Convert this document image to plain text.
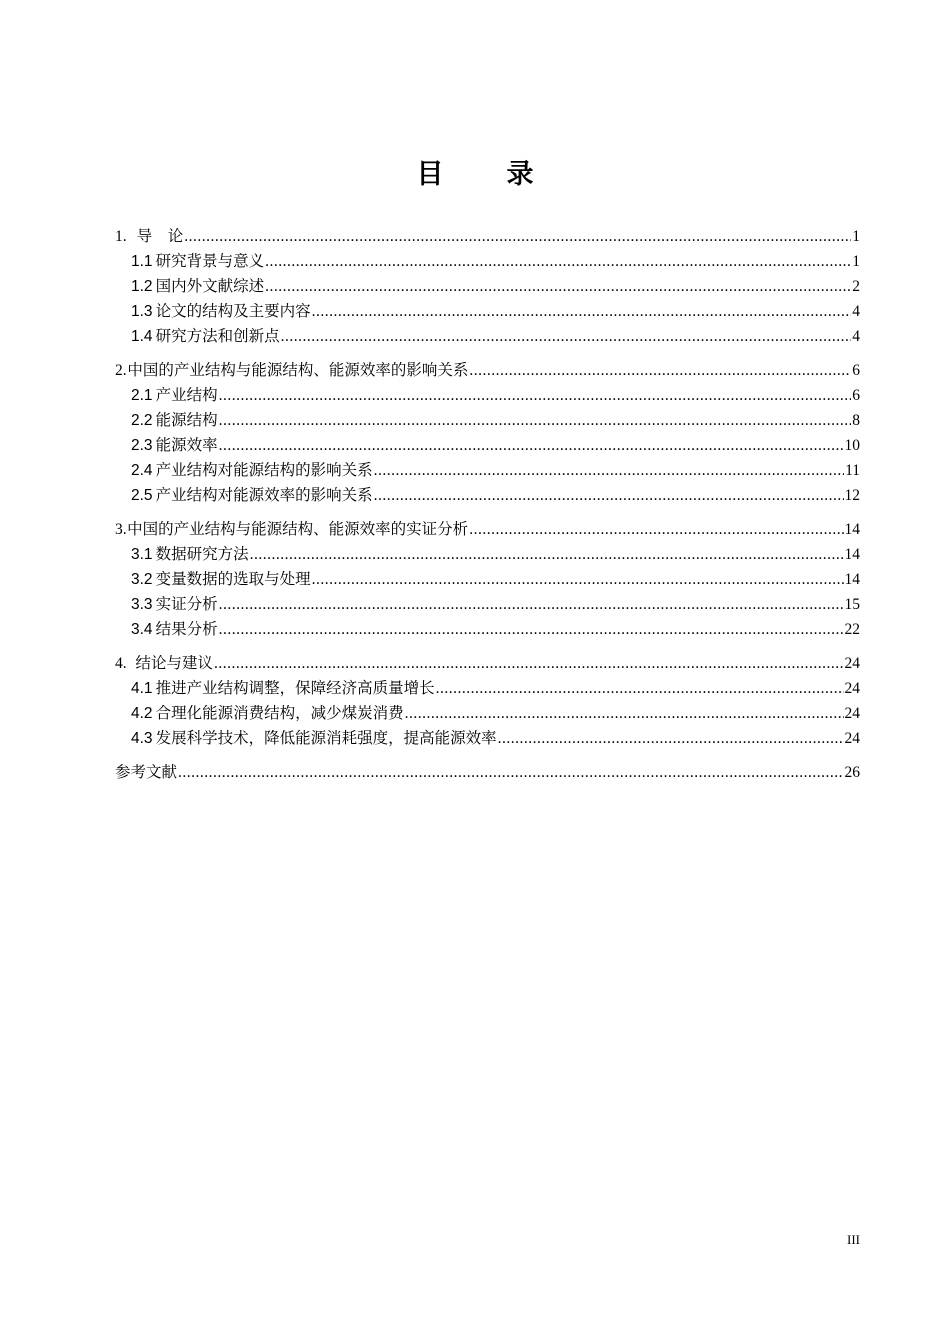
目　录
1. 导　论 .....	1
1.1 研究背景与意义 .....	1
1.2 国内外文献综述 .....	2
1.3 论文的结构及主要内容 .....	4
1.4 研究方法和创新点 .....	4
2. 中国的产业结构与能源结构、能源效率的影响关系 .....	6
2.1 产业结构 .....	6
2.2 能源结构 .....	8
2.3 能源效率 .....	10
2.4 产业结构对能源结构的影响关系 .....	11
2.5 产业结构对能源效率的影响关系 .....	12
3. 中国的产业结构与能源结构、能源效率的实证分析 .....	14
3.1 数据研究方法 .....	14
3.2 变量数据的选取与处理 .....	14
3.3 实证分析 .....	15
3.4 结果分析 .....	22
4. 结论与建议 .....	24
4.1 推进产业结构调整，保障经济高质量增长 .....	24
4.2 合理化能源消费结构，减少煤炭消费 .....	24
4.3 发展科学技术，降低能源消耗强度，提高能源效率 .....	24
参考文献 .....	26
III
